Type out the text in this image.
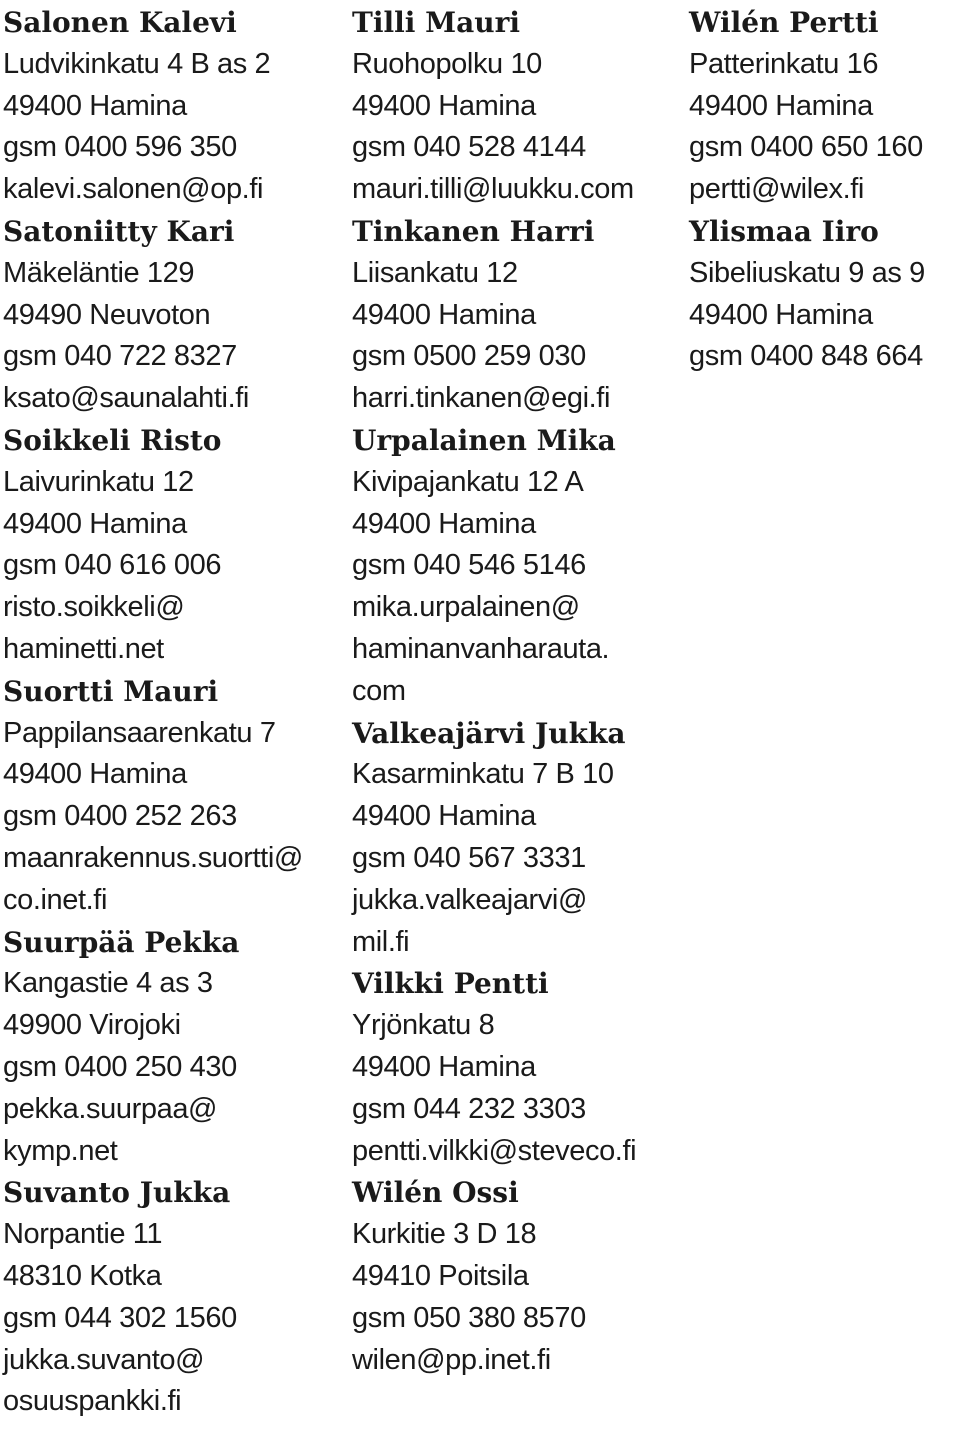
Salonen Kalevi
Ludvikinkatu 4 B as 2
49400 Hamina
gsm 0400 596 350
kalevi.salonen@op.fi
Satoniitty Kari
Mäkeläntie 129
49490 Neuvoton
gsm 040 722 8327
ksato@saunalahti.fi
Soikkeli Risto
Laivurinkatu 12
49400 Hamina
gsm 040 616 006
risto.soikkeli@
haminetti.net
Suortti Mauri
Pappilansaarenkatu 7
49400 Hamina
gsm 0400 252 263
maanrakennus.suortti@
co.inet.fi
Suurpää Pekka
Kangastie 4 as 3
49900 Virojoki
gsm 0400 250 430
pekka.suurpaa@
kymp.net
Suvanto Jukka
Norpantie 11
48310 Kotka
gsm 044 302 1560
jukka.suvanto@
osuuspankki.fi
Tilli Mauri
Ruohopolku 10
49400 Hamina
gsm 040 528 4144
mauri.tilli@luukku.com
Tinkanen Harri
Liisankatu 12
49400 Hamina
gsm 0500 259 030
harri.tinkanen@egi.fi
Urpalainen Mika
Kivipajankatu 12 A
49400 Hamina
gsm 040 546 5146
mika.urpalainen@
haminanvanharauta.
com
Valkeajärvi Jukka
Kasarminkatu 7 B 10
49400 Hamina
gsm 040 567 3331
jukka.valkeajarvi@
mil.fi
Vilkki Pentti
Yrjönkatu 8
49400 Hamina
gsm 044 232 3303
pentti.vilkki@steveco.fi
Wilén Ossi
Kurkitie 3 D 18
49410 Poitsila
gsm 050 380 8570
wilen@pp.inet.fi
Wilén Pertti
Patterinkatu 16
49400 Hamina
gsm 0400 650 160
pertti@wilex.fi
Ylismaa Iiro
Sibeliuskatu 9 as 9
49400 Hamina
gsm 0400 848 664
